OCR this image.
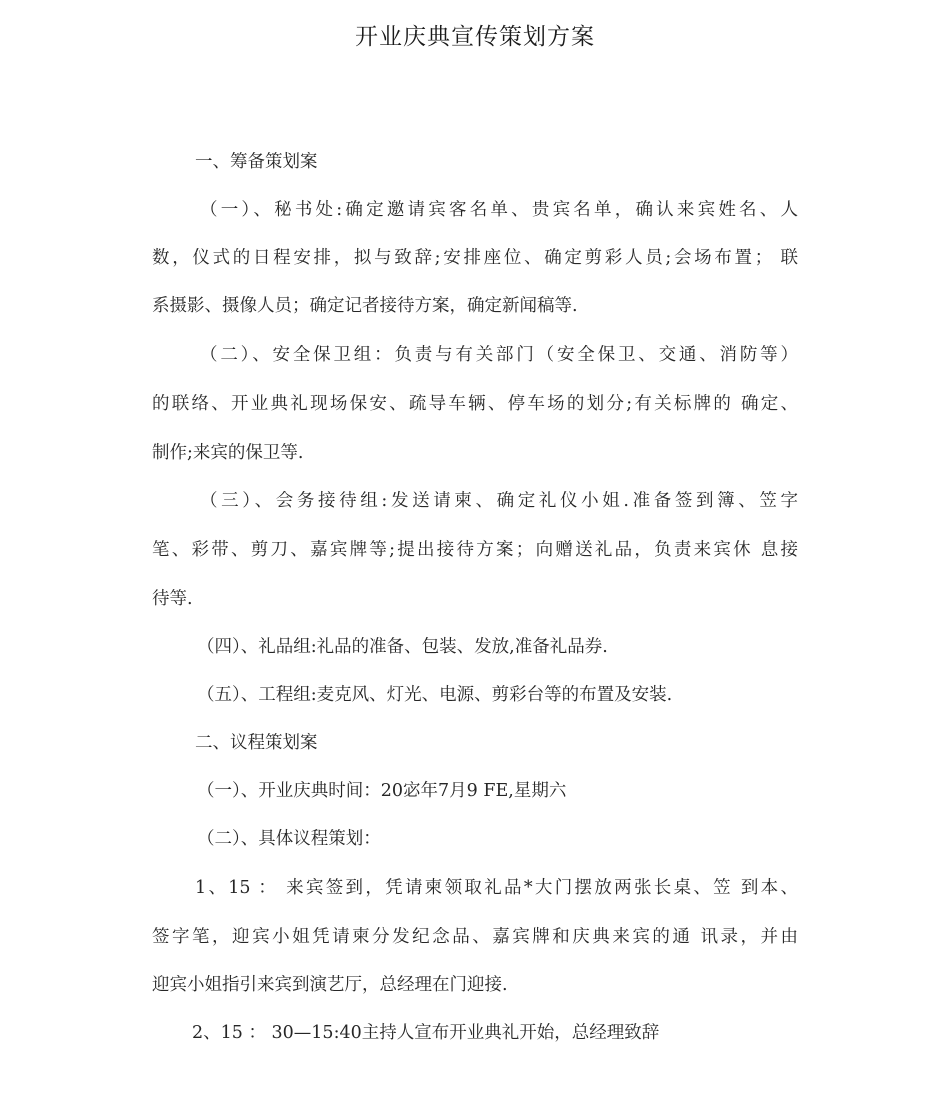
开业庆典宣传策划方案
一、筹备策划案
（一）、秘书处:确定邀请宾客名单、贵宾名单，确认来宾姓名、人
数，仪式的日程安排，拟与致辞;安排座位、确定剪彩人员;会场布置； 联
系摄影、摄像人员；确定记者接待方案，确定新闻稿等.
（二）、安全保卫组：负责与有关部门（安全保卫、交通、消防等）
的联络、开业典礼现场保安、疏导车辆、停车场的划分;有关标牌的 确定、
制作;来宾的保卫等.
（三）、会务接待组:发送请柬、确定礼仪小姐.准备签到簿、笠字
笔、彩带、剪刀、嘉宾牌等;提出接待方案；向赠送礼品，负责来宾休 息接
待等.
（四）、礼品组:礼品的准备、包装、发放,准备礼品券.
（五）、工程组:麦克风、灯光、电源、剪彩台等的布置及安装.
二、议程策划案
（一）、开业庆典时间：20宓年7月9 FE,星期六
（二）、具体议程策划：
1、15 ： 来宾签到，凭请柬领取礼品*大门摆放两张长桌、笠 到本、
签字笔，迎宾小姐凭请柬分发纪念品、嘉宾牌和庆典来宾的通 讯录，并由
迎宾小姐指引来宾到演艺厅，总经理在门迎接.
2、15 ： 30—15:40主持人宣布开业典礼开始，总经理致辞
